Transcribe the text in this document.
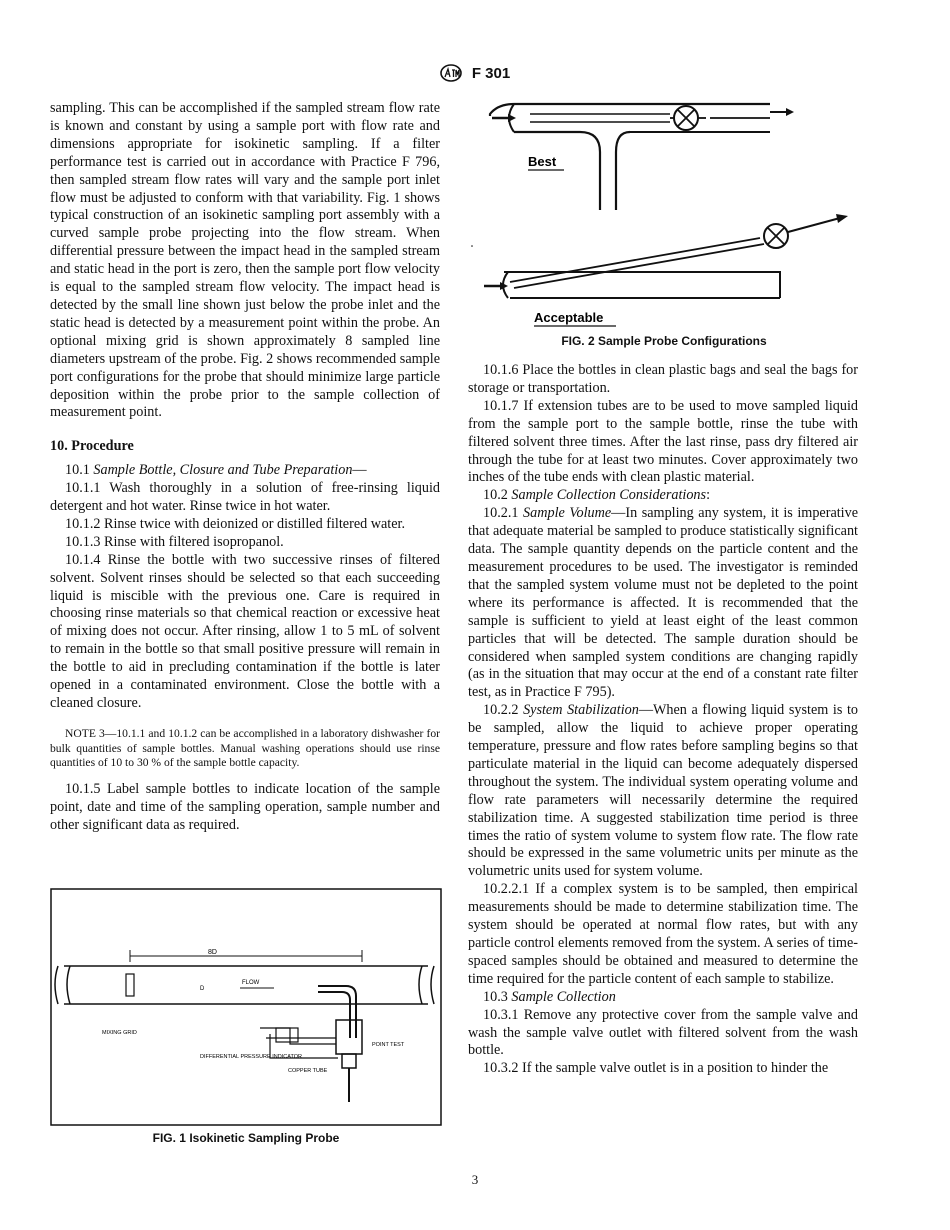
F 301

sampling. This can be accomplished if the sampled stream flow rate is known and constant by using a sample port with flow rate and dimensions appropriate for isokinetic sampling. If a filter performance test is carried out in accordance with Practice F 796, then sampled stream flow rates will vary and the sample port inlet flow must be adjusted to conform with that variability. Fig. 1 shows typical construction of an isokinetic sampling port assembly with a curved sample probe projecting into the flow stream. When differential pressure between the impact head in the sampled stream and static head in the port is zero, then the sample port flow velocity is equal to the sampled stream flow velocity. The impact head is detected by the small line shown just below the probe inlet and the static head is detected by a measurement point within the probe. An optional mixing grid is shown approximately 8 sampled line diameters upstream of the probe. Fig. 2 shows recommended sample port configurations for the probe that should minimize large particle deposition within the probe prior to the sample collection of measurement point.

10. Procedure

10.1 Sample Bottle, Closure and Tube Preparation—

10.1.1 Wash thoroughly in a solution of free-rinsing liquid detergent and hot water. Rinse twice in hot water.

10.1.2 Rinse twice with deionized or distilled filtered water.

10.1.3 Rinse with filtered isopropanol.

10.1.4 Rinse the bottle with two successive rinses of filtered solvent. Solvent rinses should be selected so that each succeeding liquid is miscible with the previous one. Care is required in choosing rinse materials so that chemical reaction or excessive heat of mixing does not occur. After rinsing, allow 1 to 5 mL of solvent to remain in the bottle so that small positive pressure will remain in the bottle to aid in precluding contamination if the bottle is later opened in a contaminated environment. Close the bottle with a cleaned closure.

NOTE 3—10.1.1 and 10.1.2 can be accomplished in a laboratory dishwasher for bulk quantities of sample bottles. Manual washing operations should use rinse quantities of 10 to 30 % of the sample bottle capacity.

10.1.5 Label sample bottles to indicate location of the sample point, date and time of the sampling operation, sample number and other significant data as required.

8D
D
FLOW
MIXING GRID
DIFFERENTIAL PRESSURE INDICATOR
POINT TEST
COPPER TUBE
FIG. 1 Isokinetic Sampling Probe
Best
Acceptable
FIG. 2 Sample Probe Configurations

10.1.6 Place the bottles in clean plastic bags and seal the bags for storage or transportation.

10.1.7 If extension tubes are to be used to move sampled liquid from the sample port to the sample bottle, rinse the tube with filtered solvent three times. After the last rinse, pass dry filtered air through the tube for at least two minutes. Cover approximately two inches of the tube ends with clean plastic material.

10.2 Sample Collection Considerations:

10.2.1 Sample Volume—In sampling any system, it is imperative that adequate material be sampled to produce statistically significant data. The sample quantity depends on the particle content and the measurement procedures to be used. The investigator is reminded that the sampled system volume must not be depleted to the point where its performance is affected. It is recommended that the sample is sufficient to yield at least eight of the least common particles that will be detected. The sample duration should be considered when sampled system conditions are changing rapidly (as in the situation that may occur at the end of a constant rate filter test, as in Practice F 795).

10.2.2 System Stabilization—When a flowing liquid system is to be sampled, allow the liquid to achieve proper operating temperature, pressure and flow rates before sampling begins so that particulate material in the liquid can become adequately dispersed throughout the system. The individual system operating volume and flow rate parameters will necessarily determine the required stabilization time. A suggested stabilization time period is three times the ratio of system volume to system flow rate. The flow rate should be expressed in the same volumetric units per minute as the volumetric units used for system volume.

10.2.2.1 If a complex system is to be sampled, then empirical measurements should be made to determine stabilization time. The system should be operated at normal flow rates, but with any particle control elements removed from the system. A series of time-spaced samples should be obtained and measured to determine the time required for the particle content of each sample to stabilize.

10.3 Sample Collection

10.3.1 Remove any protective cover from the sample valve and wash the sample valve outlet with filtered solvent from the wash bottle.

10.3.2 If the sample valve outlet is in a position to hinder the

3
